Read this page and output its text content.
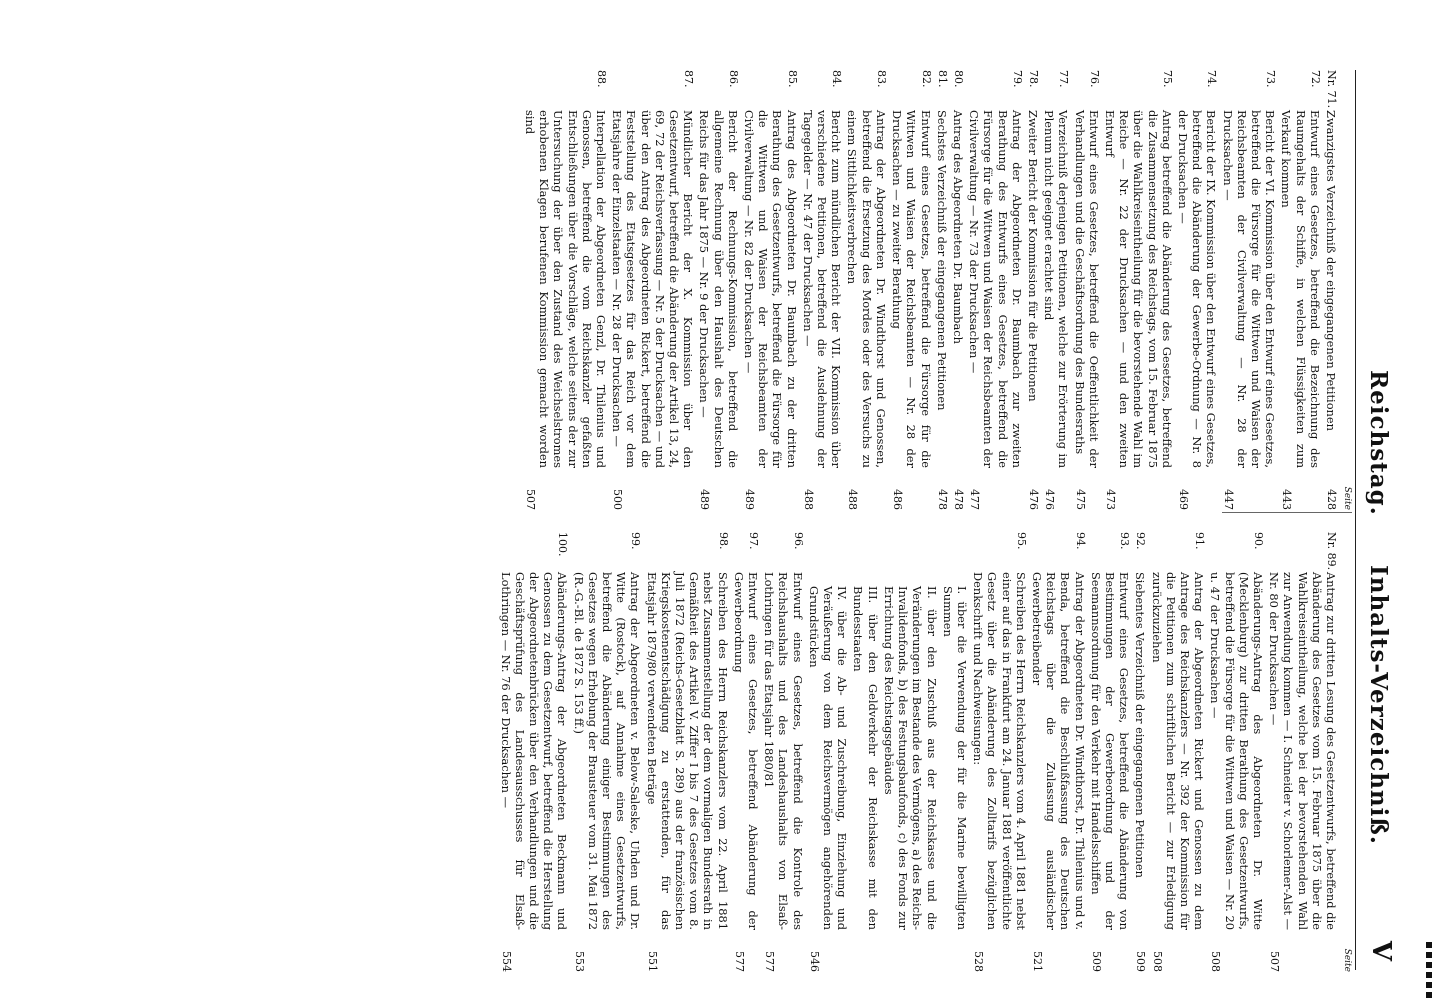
Reichstag.
Inhalts-Verzeichniß.
V
Seite
Nr. 71.
Zwanzigstes Verzeichniß der eingegangenen Petitionen
428
72.
Entwurf eines Gesetzes, betreffend die Bezeichnung des Raumgehalts der Schiffe, in welchen Flüssigkeiten zum Verkauf kommen
443
73.
Bericht der VI. Kommission über den Entwurf eines Gesetzes, betreffend die Fürsorge für die Wittwen und Waisen der Reichsbeamten der Civilverwaltung — Nr. 28 der Drucksachen —
447
74.
Bericht der IX. Kommission über den Entwurf eines Gesetzes, betreffend die Abänderung der Gewerbe-Ordnung — Nr. 8 der Drucksachen —
469
75.
Antrag betreffend die Abänderung des Gesetzes, betreffend die Zusammensetzung des Reichstags, vom 15. Februar 1875 über die Wahlkreiseintheilung für die bevorstehende Wahl im Reiche — Nr. 22 der Drucksachen — und den zweiten Entwurf
473
76.
Entwurf eines Gesetzes, betreffend die Oeffentlichkeit der Verhandlungen und die Geschäftsordnung des Bundesraths
475
77.
Verzeichniß derjenigen Petitionen, welche zur Erörterung im Plenum nicht geeignet erachtet sind
476
78.
Zweiter Bericht der Kommission für die Petitionen
476
79.
Antrag der Abgeordneten Dr. Baumbach zur zweiten Berathung des Entwurfs eines Gesetzes, betreffend die Fürsorge für die Wittwen und Waisen der Reichsbeamten der Civilverwaltung — Nr. 73 der Drucksachen —
477
80.
Antrag des Abgeordneten Dr. Baumbach
478
81.
Sechstes Verzeichniß der eingegangenen Petitionen
478
82.
Entwurf eines Gesetzes, betreffend die Fürsorge für die Wittwen und Waisen der Reichsbeamten — Nr. 28 der Drucksachen — zu zweiter Berathung
486
83.
Antrag der Abgeordneten Dr. Windthorst und Genossen, betreffend die Ersetzung des Mordes oder des Versuchs zu einem Sittlichkeitsverbrechen
488
84.
Bericht zum mündlichen Bericht der VII. Kommission über verschiedene Petitionen, betreffend die Ausdehnung der Tagegelder — Nr. 47 der Drucksachen —
488
85.
Antrag des Abgeordneten Dr. Baumbach zu der dritten Berathung des Gesetzentwurfs, betreffend die Fürsorge für die Wittwen und Waisen der Reichsbeamten der Civilverwaltung — Nr. 82 der Drucksachen —
489
86.
Bericht der Rechnungs-Kommission, betreffend die allgemeine Rechnung über den Haushalt des Deutschen Reichs für das Jahr 1875 — Nr. 9 der Drucksachen —
489
87.
Mündlicher Bericht der X. Kommission über den Gesetzentwurf, betreffend die Abänderung der Artikel 13, 24, 69, 72 der Reichsverfassung — Nr. 5 der Drucksachen — und über den Antrag des Abgeordneten Rickert, betreffend die Feststellung des Etatsgesetzes für das Reich vor dem Etatsjahre der Einzelstaaten — Nr. 28 der Drucksachen —
500
88.
Interpellation der Abgeordneten Genzl, Dr. Thilenius und Genossen, betreffend die vom Reichskanzler gefaßten Entschließungen über die Vorschläge, welche seitens der zur Untersuchung der über den Zustand des Weichselstromes erhobenen Klagen berufenen Kommission gemacht worden sind
507
Seite
Nr. 89.
Antrag zur dritten Lesung des Gesetzentwurfs, betreffend die Abänderung des Gesetzes vom 15. Februar 1875 über die Wahlkreiseintheilung, welche bei der bevorstehenden Wahl zur Anwendung kommen — I. Schneider v. Schorlemer-Alst — Nr. 80 der Drucksachen —
507
90.
Abänderungs-Antrag des Abgeordneten Dr. Witte (Mecklenburg) zur dritten Berathung des Gesetzentwurfs, betreffend die Fürsorge für die Wittwen und Waisen — Nr. 20 u. 47 der Drucksachen —
508
91.
Antrag der Abgeordneten Rickert und Genossen zu dem Antrage des Reichskanzlers — Nr. 392 der Kommission für die Petitionen zum schriftlichen Bericht — zur Erledigung zurückzuziehen
508
92.
Siebentes Verzeichniß der eingegangenen Petitionen
509
93.
Entwurf eines Gesetzes, betreffend die Abänderung von Bestimmungen der Gewerbeordnung und der Seemannsordnung für den Verkehr mit Handelsschiffen
509
94.
Antrag der Abgeordneten Dr. Windthorst, Dr. Thilenius und v. Benda, betreffend die Beschlußfassung des Deutschen Reichstags über die Zulassung ausländischer Gewerbetreibender
521
95.
Schreiben des Herrn Reichskanzlers vom 4. April 1881 nebst einer auf das in Frankfurt am 24. Januar 1881 veröffentlichte Gesetz über die Abänderung des Zolltarifs bezüglichen Denkschrift und Nachweisungen:
528
I. über die Verwendung der für die Marine bewilligten Summen
II. über den Zuschuß aus der Reichskasse und die Veränderungen im Bestande des Vermögens, a) des Reichs-Invalidenfonds, b) des Festungsbaufonds, c) des Fonds zur Errichtung des Reichstagsgebäudes
III. über den Geldverkehr der Reichskasse mit den Bundesstaaten
IV. über die Ab- und Zuschreibung, Einziehung und Veräußerung von dem Reichsvermögen angehörenden Grundstücken
546
96.
Entwurf eines Gesetzes, betreffend die Kontrole des Reichshaushalts und des Landeshaushalts von Elsaß-Lothringen für das Etatsjahr 1880/81
577
97.
Entwurf eines Gesetzes, betreffend Abänderung der Gewerbeordnung
577
98.
Schreiben des Herrn Reichskanzlers vom 22. April 1881 nebst Zusammenstellung der dem vormaligen Bundesrath in Gemäßheit des Artikel V. Ziffer I bis 7 des Gesetzes vom 8. Juli 1872 (Reichs-Gesetzblatt S. 289) aus der französischen Kriegskostenentschädigung zu erstattenden, für das Etatsjahr 1879/80 verwendeten Beträge
551
99.
Antrag der Abgeordneten v. Below-Saleske, Uhden und Dr. Witte (Rostock), auf Annahme eines Gesetzentwurfs, betreffend die Abänderung einiger Bestimmungen des Gesetzes wegen Erhebung der Brausteuer vom 31. Mai 1872 (R.-G.-Bl. de 1872 S. 153 ff.)
553
100.
Abänderungs-Antrag der Abgeordneten Beckmann und Genossen zu dem Gesetzentwurf, betreffend die Herstellung der Abgeordnetenbrücken über den Verhandlungen und die Geschäftsprüfung des Landesausschusses für Elsaß-Lothringen — Nr. 76 der Drucksachen —
554
